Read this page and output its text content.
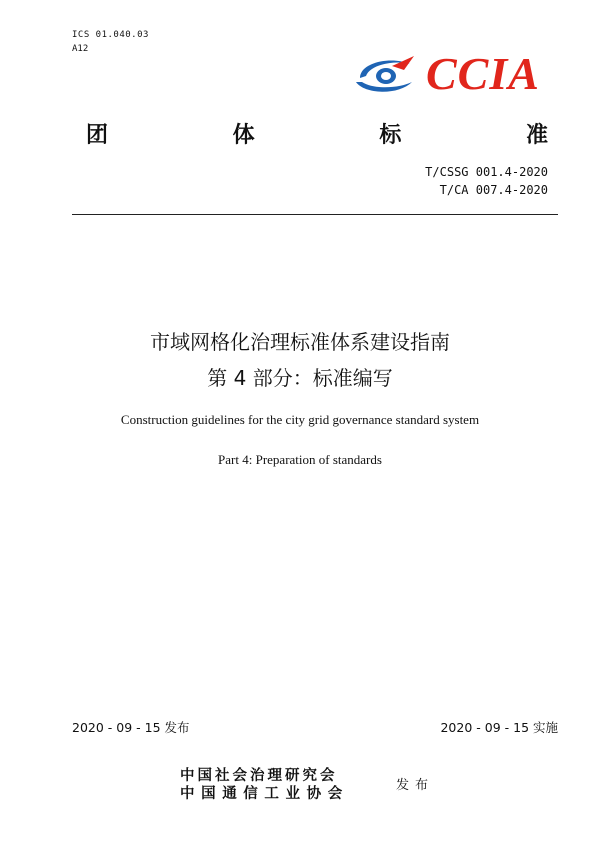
ICS 01.040.03
A12	CCIA
团	体	标	准
T/CSSG 001.4-2020
T/CA 007.4-2020
市域网格化治理标准体系建设指南
第 4 部分：标准编写
Construction guidelines for the city grid governance standard system
Part 4: Preparation of standards
2020 - 09 - 15 发布	2020 - 09 - 15 实施
中国社会治理研究会
中国通信工业协会
发布
